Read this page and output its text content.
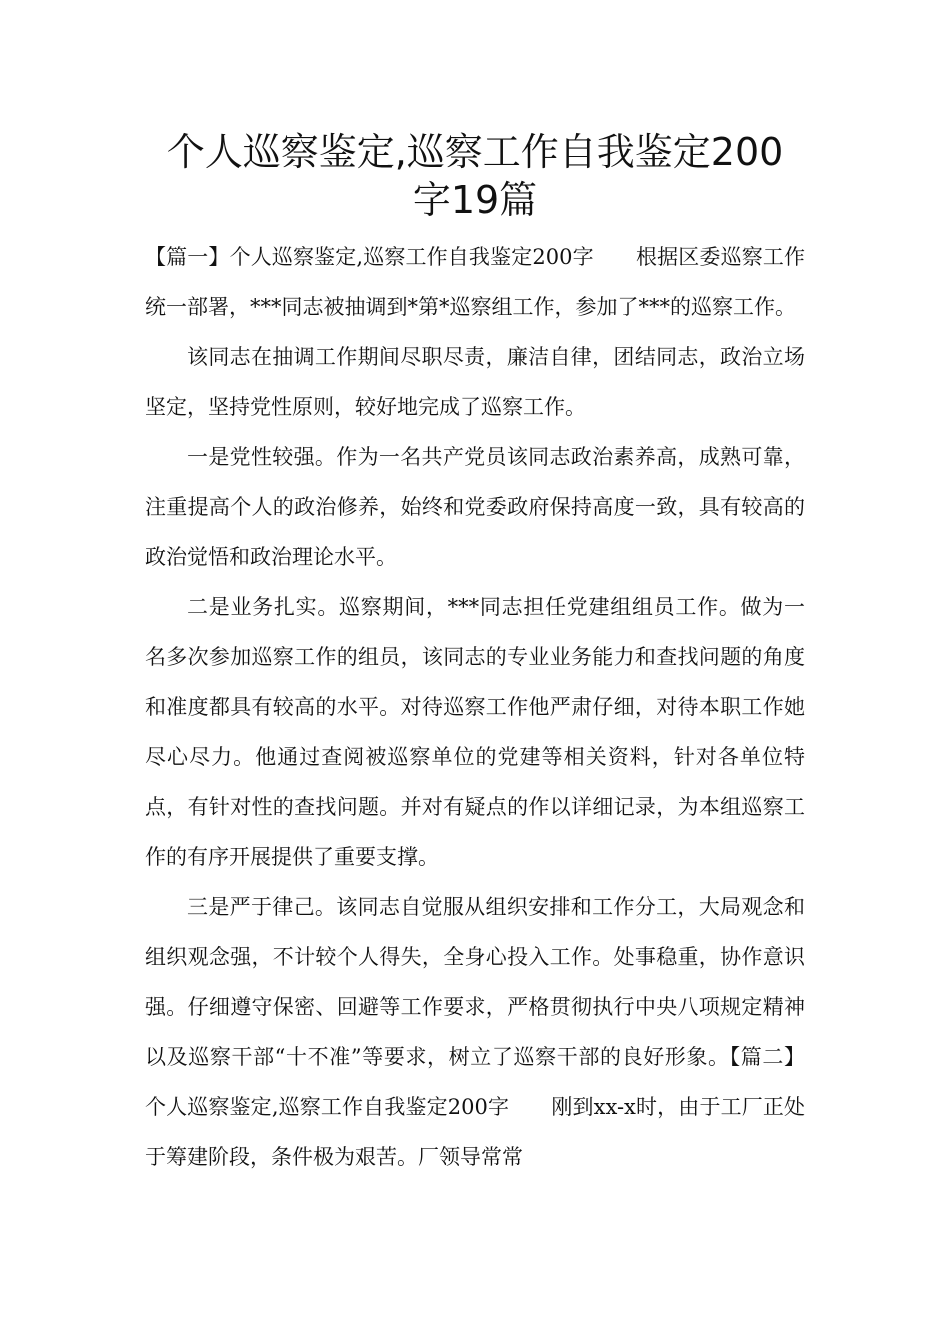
个人巡察鉴定,巡察工作自我鉴定200
字19篇

【篇一】个人巡察鉴定,巡察工作自我鉴定200字　　根据区委巡察工作统一部署，***同志被抽调到*第*巡察组工作，参加了***的巡察工作。

该同志在抽调工作期间尽职尽责，廉洁自律，团结同志，政治立场坚定，坚持党性原则，较好地完成了巡察工作。

一是党性较强。作为一名共产党员该同志政治素养高，成熟可靠，注重提高个人的政治修养，始终和党委政府保持高度一致，具有较高的政治觉悟和政治理论水平。

二是业务扎实。巡察期间，***同志担任党建组组员工作。做为一名多次参加巡察工作的组员，该同志的专业业务能力和查找问题的角度和准度都具有较高的水平。对待巡察工作他严肃仔细，对待本职工作她尽心尽力。他通过查阅被巡察单位的党建等相关资料，针对各单位特点，有针对性的查找问题。并对有疑点的作以详细记录，为本组巡察工作的有序开展提供了重要支撑。

三是严于律己。该同志自觉服从组织安排和工作分工，大局观念和组织观念强，不计较个人得失，全身心投入工作。处事稳重，协作意识强。仔细遵守保密、回避等工作要求，严格贯彻执行中央八项规定精神以及巡察干部“十不准”等要求，树立了巡察干部的良好形象。【篇二】个人巡察鉴定,巡察工作自我鉴定200字　　刚到xx-x时，由于工厂正处于筹建阶段，条件极为艰苦。厂领导常常
